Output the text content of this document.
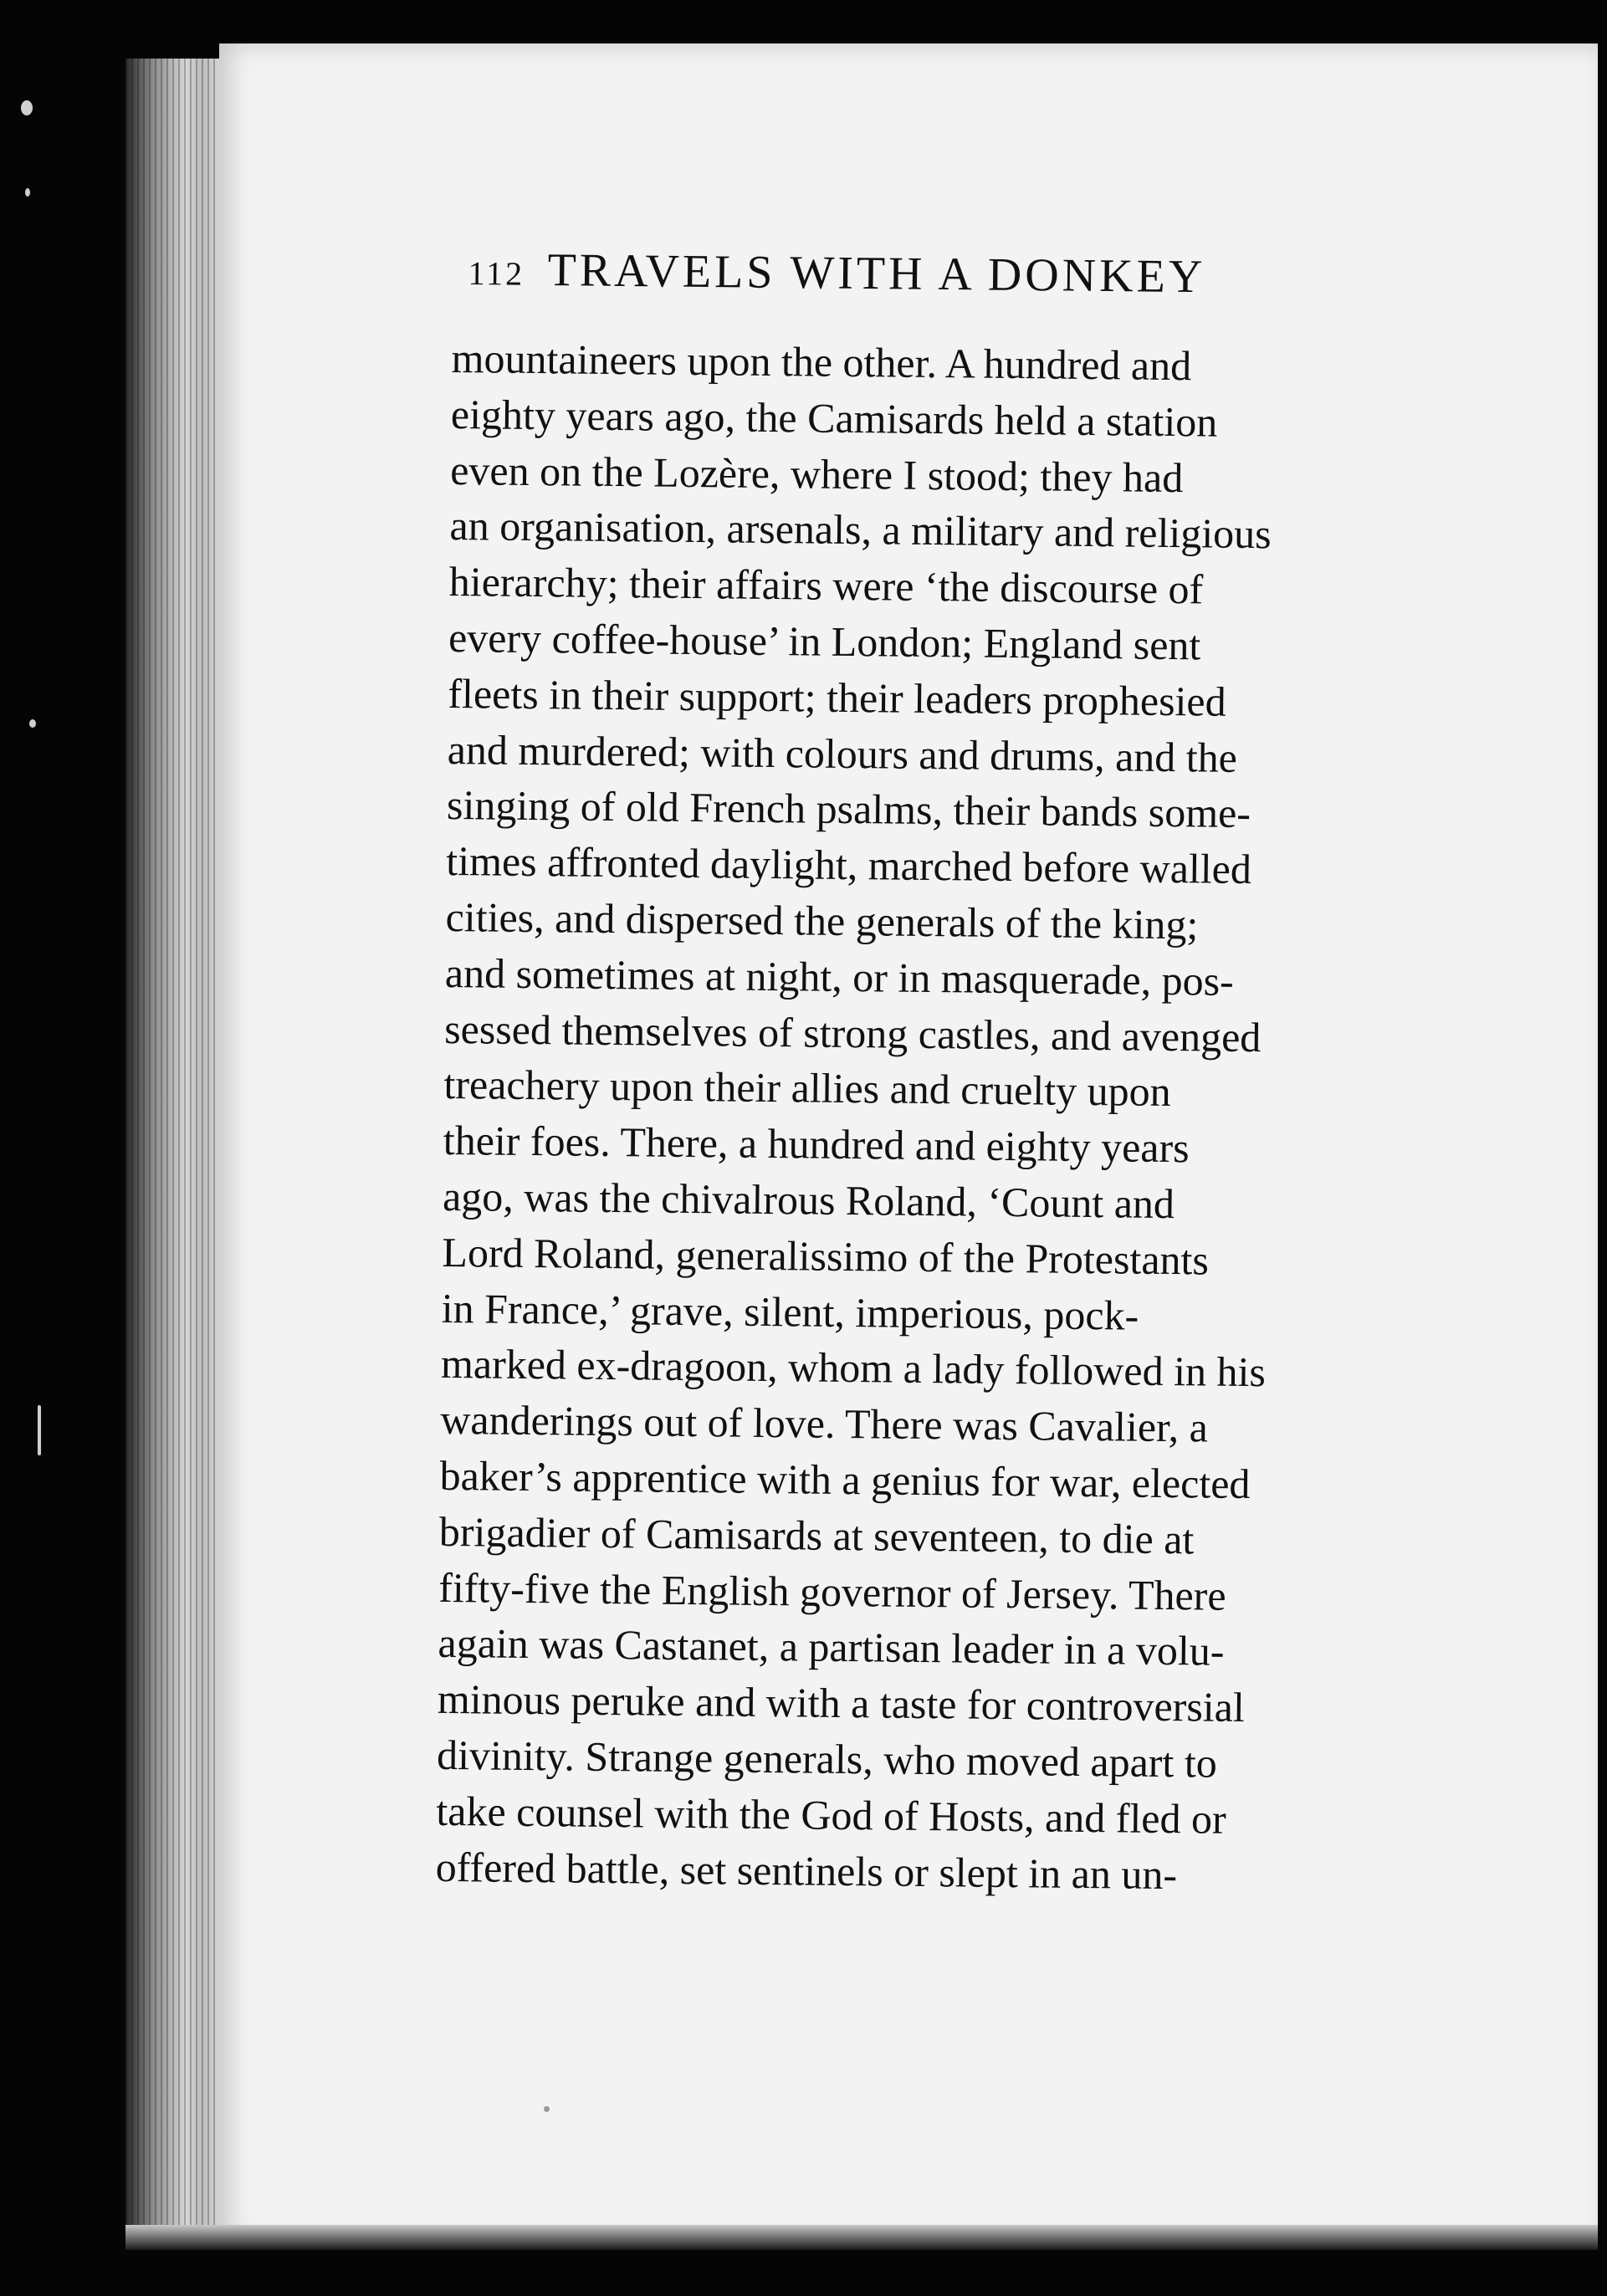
112 TRAVELS WITH A DONKEY
mountaineers upon the other. A hundred and
eighty years ago, the Camisards held a station
even on the Lozère, where I stood; they had
an organisation, arsenals, a military and religious
hierarchy; their affairs were ‘the discourse of
every coffee-house’ in London; England sent
fleets in their support; their leaders prophesied
and murdered; with colours and drums, and the
singing of old French psalms, their bands some-
times affronted daylight, marched before walled
cities, and dispersed the generals of the king;
and sometimes at night, or in masquerade, pos-
sessed themselves of strong castles, and avenged
treachery upon their allies and cruelty upon
their foes. There, a hundred and eighty years
ago, was the chivalrous Roland, ‘Count and
Lord Roland, generalissimo of the Protestants
in France,’ grave, silent, imperious, pock-
marked ex-dragoon, whom a lady followed in his
wanderings out of love. There was Cavalier, a
baker’s apprentice with a genius for war, elected
brigadier of Camisards at seventeen, to die at
fifty-five the English governor of Jersey. There
again was Castanet, a partisan leader in a volu-
minous peruke and with a taste for controversial
divinity. Strange generals, who moved apart to
take counsel with the God of Hosts, and fled or
offered battle, set sentinels or slept in an un-
